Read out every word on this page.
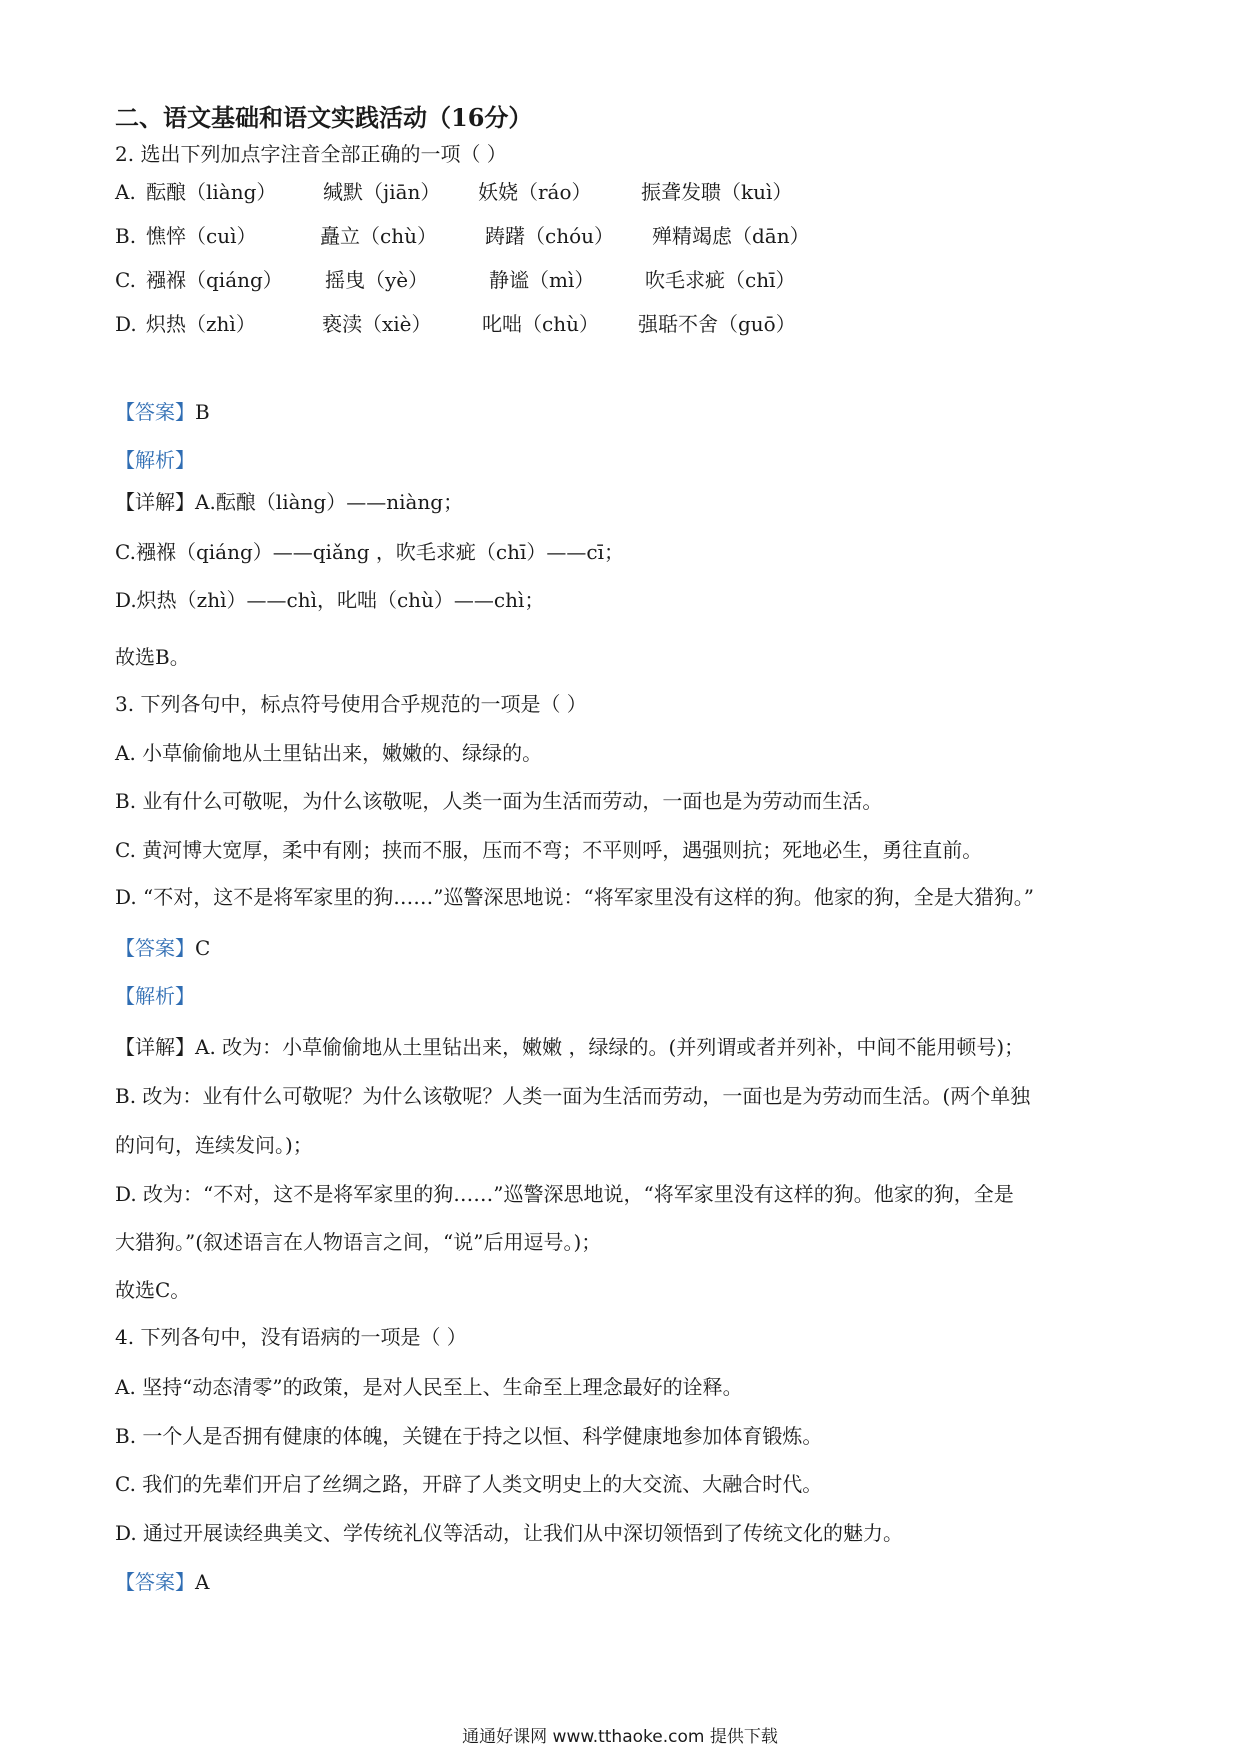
二、语文基础和语文实践活动（16分）
2. 选出下列加点字注音全部正确的一项（ ）
A. 酝酿（liàng） 缄默（jiān） 妖娆（ráo） 振聋发聩（kuì）
B. 憔悴（cuì）	矗立（chù） 踌躇（chóu） 殚精竭虑（dān）
C. 襁褓（qiáng） 摇曳（yè）	静谧（mì）	吹毛求疵（chī）
D. 炽热（zhì）	亵渎（xiè）	叱咄（chù） 强聒不舍（guō）
【答案】B
【解析】
【详解】A.酝酿（liàng）——niàng；
C.襁褓（qiáng）——qiǎng ，吹毛求疵（chī）——cī；
D.炽热（zhì）——chì，叱咄（chù）——chì；
故选B。
3. 下列各句中，标点符号使用合乎规范的一项是（ ）
A. 小草偷偷地从土里钻出来，嫩嫩的、绿绿的。
B. 业有什么可敬呢，为什么该敬呢，人类一面为生活而劳动，一面也是为劳动而生活。
C. 黄河博大宽厚，柔中有刚；挟而不服，压而不弯；不平则呼，遇强则抗；死地必生，勇往直前。
D. “不对，这不是将军家里的狗……”巡警深思地说：“将军家里没有这样的狗。他家的狗，全是大猎狗。”
【答案】C
【解析】
【详解】A. 改为：小草偷偷地从土里钻出来，嫩嫩 ，绿绿的。(并列谓或者并列补，中间不能用顿号)；
B. 改为：业有什么可敬呢？为什么该敬呢？人类一面为生活而劳动，一面也是为劳动而生活。(两个单独
的问句，连续发问。)；
D. 改为：“不对，这不是将军家里的狗……”巡警深思地说，“将军家里没有这样的狗。他家的狗，全是
大猎狗。”(叙述语言在人物语言之间，“说”后用逗号。)；
故选C。
4. 下列各句中，没有语病的一项是（ ）
A. 坚持“动态清零”的政策，是对人民至上、生命至上理念最好的诠释。
B. 一个人是否拥有健康的体魄，关键在于持之以恒、科学健康地参加体育锻炼。
C. 我们的先辈们开启了丝绸之路，开辟了人类文明史上的大交流、大融合时代。
D. 通过开展读经典美文、学传统礼仪等活动，让我们从中深切领悟到了传统文化的魅力。
【答案】A
通通好课网 www.tthaoke.com 提供下载
